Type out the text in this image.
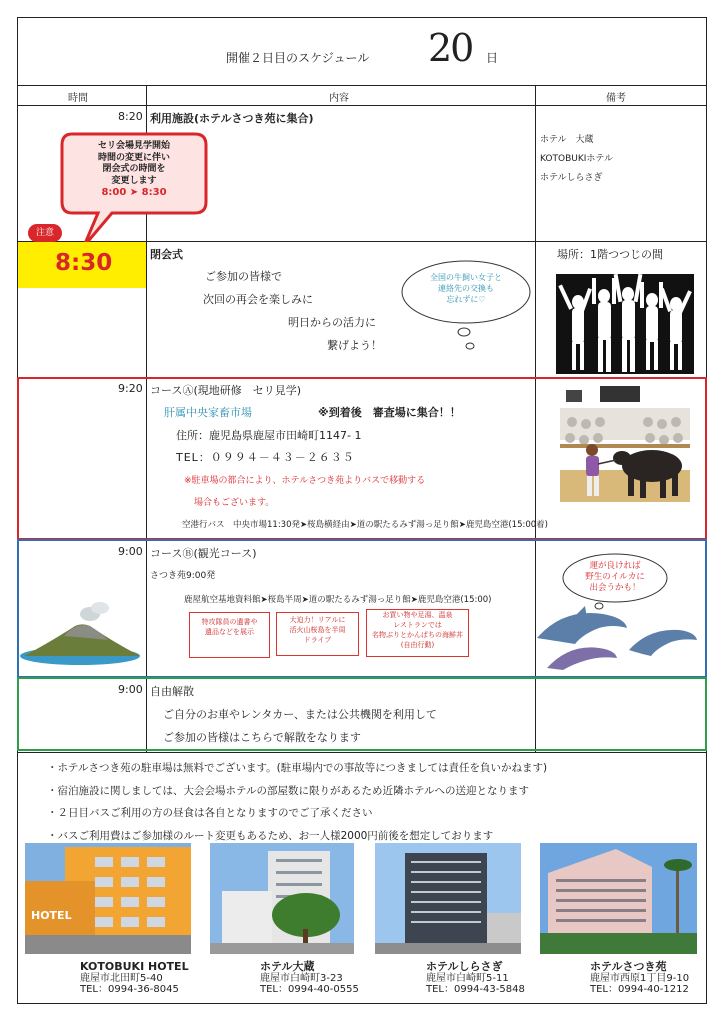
開催２日目のスケジュール 20 日
時間	内容	備考
8:20 利用施設(ホテルさつき苑に集合)
ホテル　大蔵
KOTOBUKIホテル
ホテルしらさぎ
セリ会場見学開始
時間の変更に伴い
閉会式の時間を
変更します
8:00 ➤ 8:30
注意
8:30	閉会式
ご参加の皆様で
次回の再会を楽しみに
明日からの活力に
繋げよう！
全国の牛飼い女子と
連絡先の交換も
忘れずに♡
場所：1階つつじの間
9:20 コースⒶ(現地研修　セリ見学)
肝属中央家畜市場	※到着後　審査場に集合！！
住所：鹿児島県鹿屋市田崎町1147- 1
TEL：０９９４－４３－２６３５
※駐車場の都合により、ホテルさつき苑よりバスで移動する
場合もございます。
空港行バス　中央市場11:30発➤桜島横経由➤道の駅たるみず湯っ足り館➤鹿児島空港(15:00着)
9:00 コースⒷ(観光コース)
さつき苑9:00発
鹿屋航空基地資料館➤桜島半周➤道の駅たるみず湯っ足り館➤鹿児島空港(15:00)
特攻隊員の遺書や
遺品などを展示
大迫力！リアルに
活火山桜島を半周
ドライブ
お買い物や足湯、温泉
レストランでは
名物ぶりとかんぱちの海鮮丼
(自由行動)
運が良ければ
野生のイルカに
出会うかも！
9:00 自由解散
ご自分のお車やレンタカー、または公共機関を利用して
ご参加の皆様はこちらで解散をなります
・ホテルさつき苑の駐車場は無料でございます。(駐車場内での事故等につきましては責任を負いかねます)
・宿泊施設に関しましては、大会会場ホテルの部屋数に限りがあるため近隣ホテルへの送迎となります
・２日目バスご利用の方の昼食は各自となりますのでご了承ください
・バスご利用費はご参加様のルート変更もあるため、お一人様2000円前後を想定しております
HOTEL
KOTOBUKI HOTEL
鹿屋市北田町5-40
TEL：0994-36-8045
ホテル大蔵
鹿屋市白崎町3-23
TEL：0994-40-0555
ホテルしらさぎ
鹿屋市白崎町5-11
TEL：0994-43-5848
ホテルさつき苑
鹿屋市西原1丁目9-10
TEL：0994-40-1212
